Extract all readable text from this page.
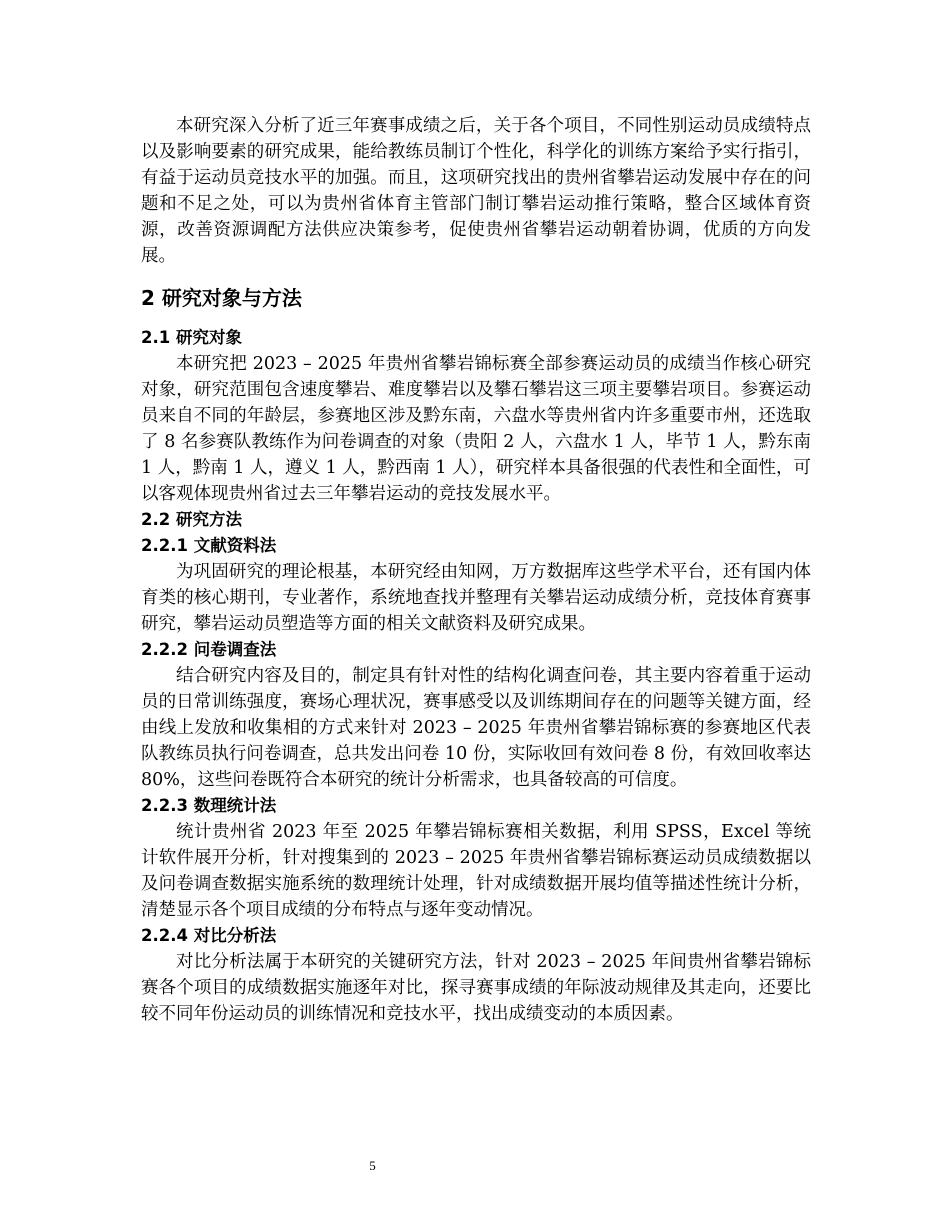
本研究深入分析了近三年赛事成绩之后，关于各个项目，不同性别运动员成绩特点以及影响要素的研究成果，能给教练员制订个性化，科学化的训练方案给予实行指引，有益于运动员竞技水平的加强。而且，这项研究找出的贵州省攀岩运动发展中存在的问题和不足之处，可以为贵州省体育主管部门制订攀岩运动推行策略，整合区域体育资源，改善资源调配方法供应决策参考，促使贵州省攀岩运动朝着协调，优质的方向发展。

2 研究对象与方法
2.1 研究对象

本研究把 2023 – 2025 年贵州省攀岩锦标赛全部参赛运动员的成绩当作核心研究对象，研究范围包含速度攀岩、难度攀岩以及攀石攀岩这三项主要攀岩项目。参赛运动员来自不同的年龄层，参赛地区涉及黔东南，六盘水等贵州省内许多重要市州，还选取了 8 名参赛队教练作为问卷调查的对象（贵阳 2 人，六盘水 1 人，毕节 1 人，黔东南 1 人，黔南 1 人，遵义 1 人，黔西南 1 人），研究样本具备很强的代表性和全面性，可以客观体现贵州省过去三年攀岩运动的竞技发展水平。

2.2 研究方法
2.2.1 文献资料法

为巩固研究的理论根基，本研究经由知网，万方数据库这些学术平台，还有国内体育类的核心期刊，专业著作，系统地查找并整理有关攀岩运动成绩分析，竞技体育赛事研究，攀岩运动员塑造等方面的相关文献资料及研究成果。

2.2.2 问卷调查法

结合研究内容及目的，制定具有针对性的结构化调查问卷，其主要内容着重于运动员的日常训练强度，赛场心理状况，赛事感受以及训练期间存在的问题等关键方面，经由线上发放和收集相的方式来针对 2023 – 2025 年贵州省攀岩锦标赛的参赛地区代表队教练员执行问卷调查，总共发出问卷 10 份，实际收回有效问卷 8 份，有效回收率达 80%，这些问卷既符合本研究的统计分析需求，也具备较高的可信度。

2.2.3 数理统计法

统计贵州省 2023 年至 2025 年攀岩锦标赛相关数据，利用 SPSS，Excel 等统计软件展开分析，针对搜集到的 2023 – 2025 年贵州省攀岩锦标赛运动员成绩数据以及问卷调查数据实施系统的数理统计处理，针对成绩数据开展均值等描述性统计分析，清楚显示各个项目成绩的分布特点与逐年变动情况。

2.2.4 对比分析法

对比分析法属于本研究的关键研究方法，针对 2023 – 2025 年间贵州省攀岩锦标赛各个项目的成绩数据实施逐年对比，探寻赛事成绩的年际波动规律及其走向，还要比较不同年份运动员的训练情况和竞技水平，找出成绩变动的本质因素。

5
